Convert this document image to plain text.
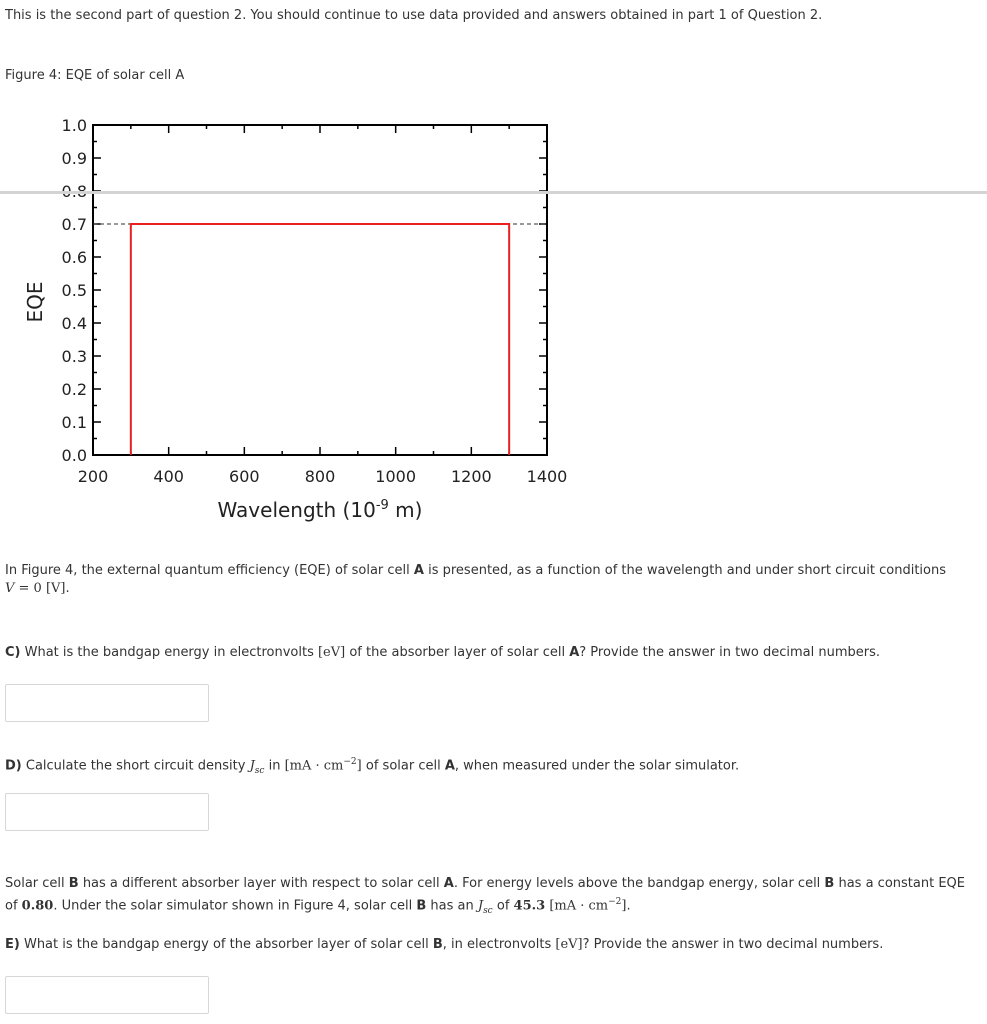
This is the second part of question 2. You should continue to use data provided and answers obtained in part 1 of Question 2.
Figure 4: EQE of solar cell A
0.0
0.1
0.2
0.3
0.4
0.5
0.6
0.7
0.9
1.0
200	400	600	800	1000 1200 1400
Wavelength ($10^{-9}$ m)
EQE
In Figure 4, the external quantum efficiency (EQE) of solar cell A is presented, as a function of the wavelength and under short circuit conditions
V = 0 [V].
C) What is the bandgap energy in electronvolts [eV] of the absorber layer of solar cell A? Provide the answer in two decimal numbers.
D) Calculate the short circuit density $J_{sc}$ in $[mA \cdot cm^{-2}]$ of solar cell A, when measured under the solar simulator.
Solar cell B has a different absorber layer with respect to solar cell A. For energy levels above the bandgap energy, solar cell B has a constant EQE
of 0.80. Under the solar simulator shown in Figure 4, solar cell B has an $J_{sc}$ of 45.3 $[mA \cdot cm^{-2}]$.
E) What is the bandgap energy of the absorber layer of solar cell B, in electronvolts [eV]? Provide the answer in two decimal numbers.
